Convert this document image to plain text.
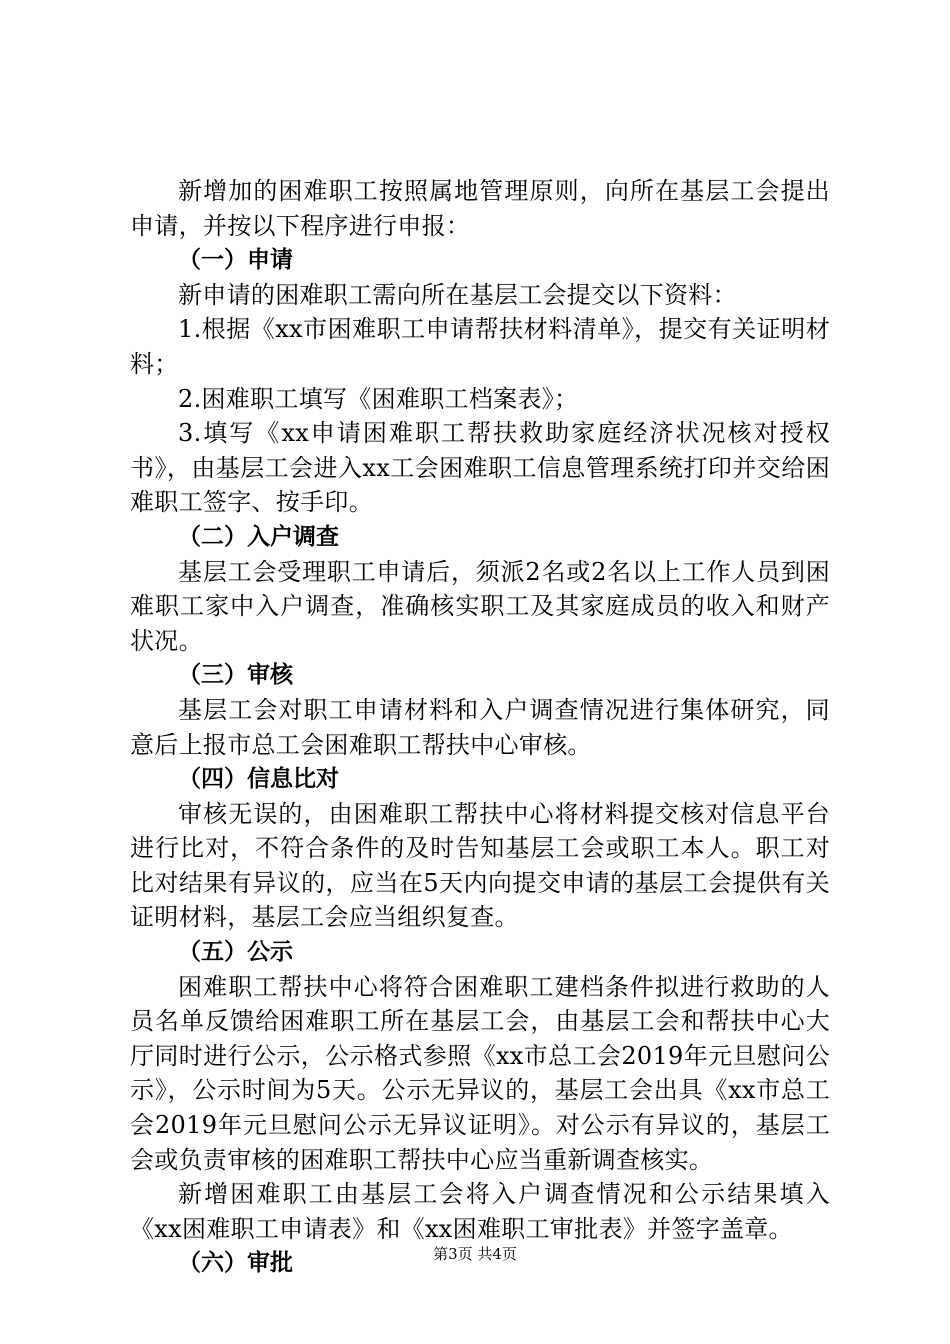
新增加的困难职工按照属地管理原则，向所在基层工会提出申请，并按以下程序进行申报：

（一）申请

新申请的困难职工需向所在基层工会提交以下资料：

1.根据《xx市困难职工申请帮扶材料清单》，提交有关证明材料；

2.困难职工填写《困难职工档案表》；

3.填写《xx申请困难职工帮扶救助家庭经济状况核对授权书》，由基层工会进入xx工会困难职工信息管理系统打印并交给困难职工签字、按手印。

（二）入户调查

基层工会受理职工申请后，须派2名或2名以上工作人员到困难职工家中入户调查，准确核实职工及其家庭成员的收入和财产状况。

（三）审核

基层工会对职工申请材料和入户调查情况进行集体研究，同意后上报市总工会困难职工帮扶中心审核。

（四）信息比对

审核无误的，由困难职工帮扶中心将材料提交核对信息平台进行比对，不符合条件的及时告知基层工会或职工本人。职工对比对结果有异议的，应当在5天内向提交申请的基层工会提供有关证明材料，基层工会应当组织复查。

（五）公示

困难职工帮扶中心将符合困难职工建档条件拟进行救助的人员名单反馈给困难职工所在基层工会，由基层工会和帮扶中心大厅同时进行公示，公示格式参照《xx市总工会2019年元旦慰问公示》，公示时间为5天。公示无异议的，基层工会出具《xx市总工会2019年元旦慰问公示无异议证明》。对公示有异议的，基层工会或负责审核的困难职工帮扶中心应当重新调查核实。

新增困难职工由基层工会将入户调查情况和公示结果填入《xx困难职工申请表》和《xx困难职工审批表》并签字盖章。

（六）审批	第3页 共4页
